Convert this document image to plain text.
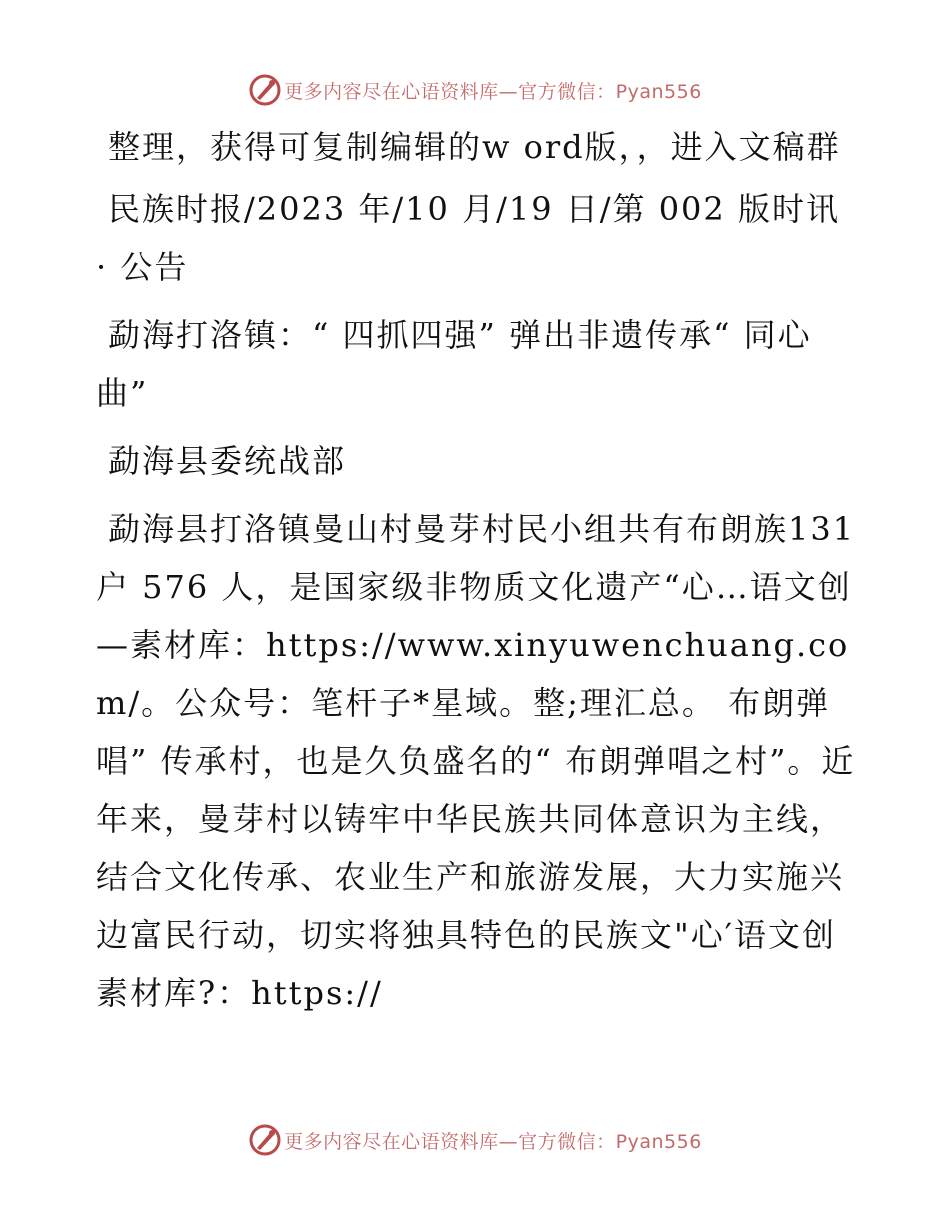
更多内容尽在心语资料库—官方微信：Pyan556

整理，获得可复制编辑的w ord版，，进入文稿群

民族时报/2023 年/10 月/19 日/第 002 版时讯 · 公告

勐海打洛镇：“ 四抓四强” 弹出非遗传承“ 同心曲”

勐海县委统战部

勐海县打洛镇曼山村曼芽村民小组共有布朗族131 户 576 人，是国家级非物质文化遗产“心…语文创—素材库：https://www.xinyuwenchuang.com/。公众号：笔杆子*星域。整;理汇总。 布朗弹唱” 传承村，也是久负盛名的“ 布朗弹唱之村”。近年来，曼芽村以铸牢中华民族共同体意识为主线，结合文化传承、农业生产和旅游发展，大力实施兴边富民行动，切实将独具特色的民族文"心′语文创素材库?：https://

更多内容尽在心语资料库—官方微信：Pyan556
